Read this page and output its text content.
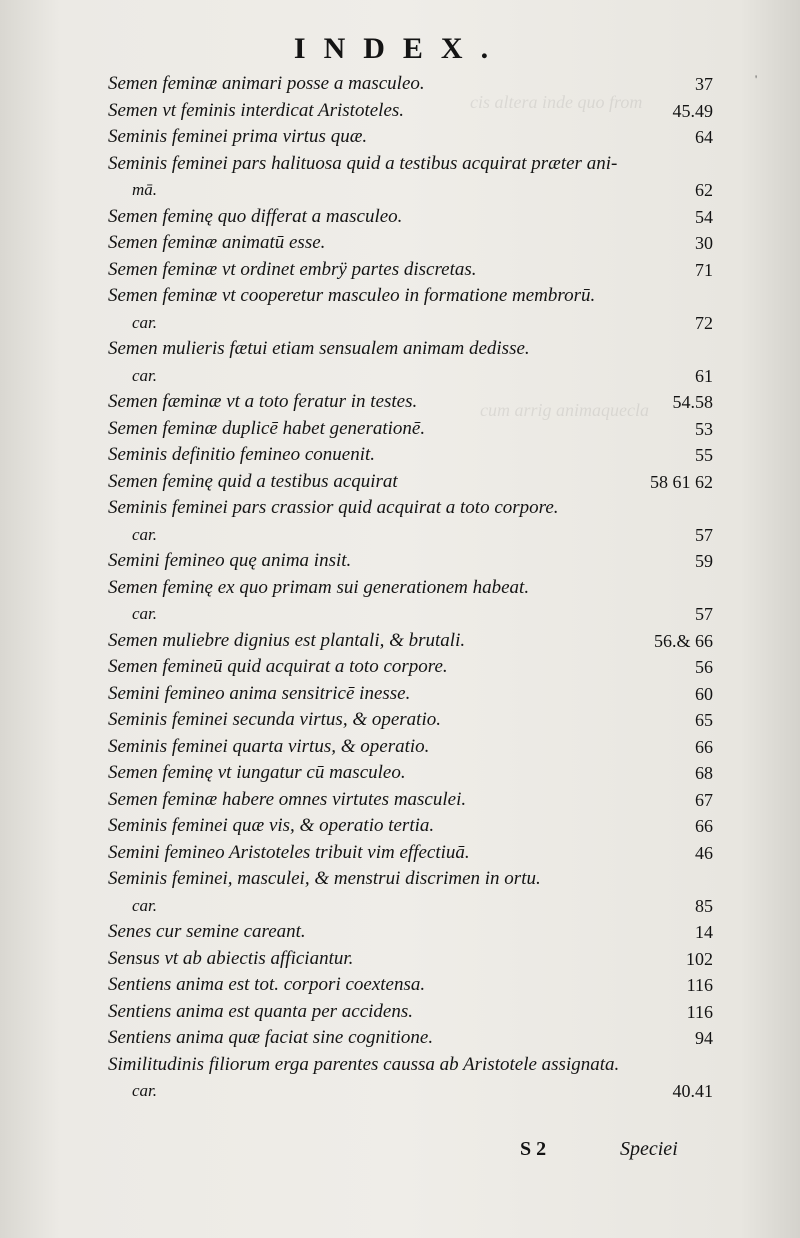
cis altera inde quo from
cum arrig animaquecla
'
INDEX.
Semen feminæ animari posse a masculeo.	37
Semen vt feminis interdicat Aristoteles.	45.49
Seminis feminei prima virtus quæ.	64
Seminis feminei pars halituosa quid a testibus acquirat præter ani-
mā.	62
Semen feminę quo differat a masculeo.	54
Semen feminæ animatū esse.	30
Semen feminæ vt ordinet embrÿ partes discretas.	71
Semen feminæ vt cooperetur masculeo in formatione membrorū.
car.	72
Semen mulieris fætui etiam sensualem animam dedisse.
car.	61
Semen fæminæ vt a toto feratur in testes.	54.58
Semen feminæ duplicē habet generationē.	53
Seminis definitio femineo conuenit.	55
Semen feminę quid a testibus acquirat	58 61 62
Seminis feminei pars crassior quid acquirat a toto corpore.
car.	57
Semini femineo quę anima insit.	59
Semen feminę ex quo primam sui generationem habeat.
car.	57
Semen muliebre dignius est plantali, & brutali.	56.& 66
Semen femineū quid acquirat a toto corpore.	56
Semini femineo anima sensitricē inesse.	60
Seminis feminei secunda virtus, & operatio.	65
Seminis feminei quarta virtus, & operatio.	66
Semen feminę vt iungatur cū masculeo.	68
Semen feminæ habere omnes virtutes masculei.	67
Seminis feminei quæ vis, & operatio tertia.	66
Semini femineo Aristoteles tribuit vim effectiuā.	46
Seminis feminei, masculei, & menstrui discrimen in ortu.
car.	85
Senes cur semine careant.	14
Sensus vt ab abiectis afficiantur.	102
Sentiens anima est tot. corpori coextensa.	116
Sentiens anima est quanta per accidens.	116
Sentiens anima quæ faciat sine cognitione.	94
Similitudinis filiorum erga parentes caussa ab Aristotele assignata.
car.	40.41
S 2	Speciei
